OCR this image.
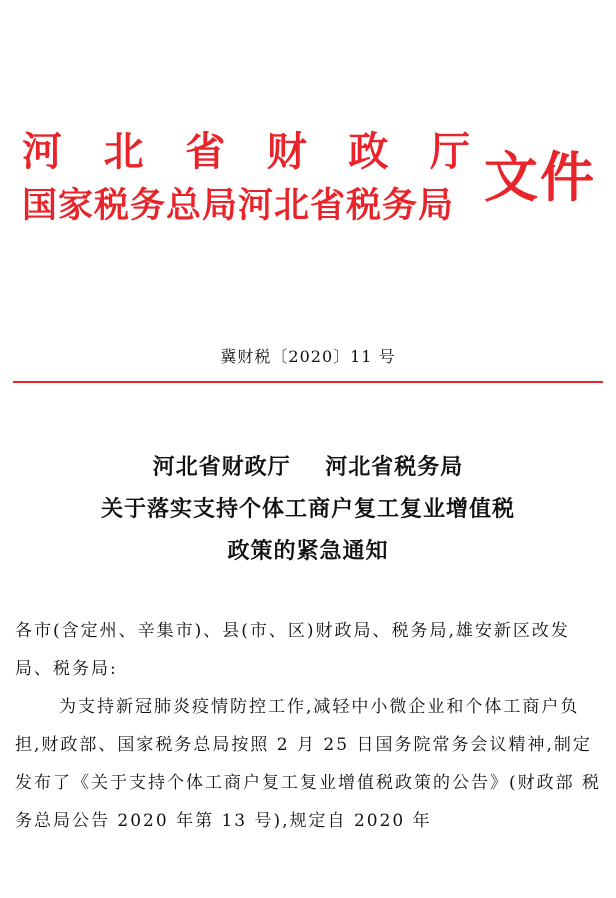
河 北 省 财 政 厅
国家税务总局河北省税务局 文件
冀财税〔2020〕11 号
河北省财政厅    河北省税务局
关于落实支持个体工商户复工复业增值税
政策的紧急通知
各市(含定州、辛集市)、县(市、区)财政局、税务局,雄安新区改发局、税务局:
为支持新冠肺炎疫情防控工作,减轻中小微企业和个体工商户负担,财政部、国家税务总局按照 2 月 25 日国务院常务会议精神,制定发布了《关于支持个体工商户复工复业增值税政策的公告》(财政部 税务总局公告 2020 年第 13 号),规定自 2020 年
